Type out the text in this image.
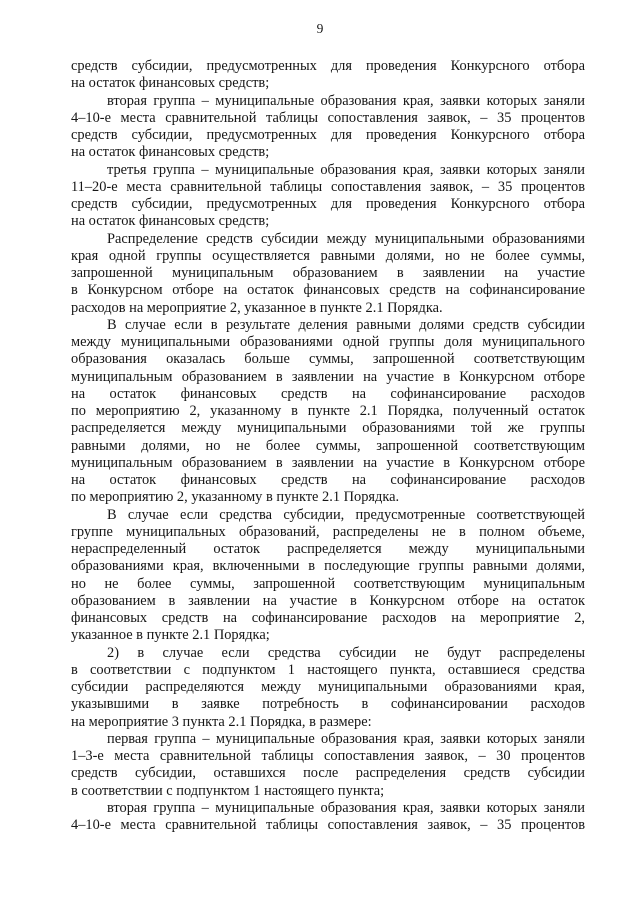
9
средств субсидии, предусмотренных для проведения Конкурсного отбора
на остаток финансовых средств;
вторая группа – муниципальные образования края, заявки которых заняли
4–10-е места сравнительной таблицы сопоставления заявок, – 35 процентов
средств субсидии, предусмотренных для проведения Конкурсного отбора
на остаток финансовых средств;
третья группа – муниципальные образования края, заявки которых заняли
11–20-е места сравнительной таблицы сопоставления заявок, – 35 процентов
средств субсидии, предусмотренных для проведения Конкурсного отбора
на остаток финансовых средств;
Распределение средств субсидии между муниципальными образованиями
края одной группы осуществляется равными долями, но не более суммы,
запрошенной муниципальным образованием в заявлении на участие
в Конкурсном отборе на остаток финансовых средств на софинансирование
расходов на мероприятие 2, указанное в пункте 2.1 Порядка.
В случае если в результате деления равными долями средств субсидии
между муниципальными образованиями одной группы доля муниципального
образования оказалась больше суммы, запрошенной соответствующим
муниципальным образованием в заявлении на участие в Конкурсном отборе
на остаток финансовых средств на софинансирование расходов
по мероприятию 2, указанному в пункте 2.1 Порядка, полученный остаток
распределяется между муниципальными образованиями той же группы
равными долями, но не более суммы, запрошенной соответствующим
муниципальным образованием в заявлении на участие в Конкурсном отборе
на остаток финансовых средств на софинансирование расходов
по мероприятию 2, указанному в пункте 2.1 Порядка.
В случае если средства субсидии, предусмотренные соответствующей
группе муниципальных образований, распределены не в полном объеме,
нераспределенный остаток распределяется между муниципальными
образованиями края, включенными в последующие группы равными долями,
но не более суммы, запрошенной соответствующим муниципальным
образованием в заявлении на участие в Конкурсном отборе на остаток
финансовых средств на софинансирование расходов на мероприятие 2,
указанное в пункте 2.1 Порядка;
2) в случае если средства субсидии не будут распределены
в соответствии с подпунктом 1 настоящего пункта, оставшиеся средства
субсидии распределяются между муниципальными образованиями края,
указывшими в заявке потребность в софинансировании расходов
на мероприятие 3 пункта 2.1 Порядка, в размере:
первая группа – муниципальные образования края, заявки которых заняли
1–3-е места сравнительной таблицы сопоставления заявок, – 30 процентов
средств субсидии, оставшихся после распределения средств субсидии
в соответствии с подпунктом 1 настоящего пункта;
вторая группа – муниципальные образования края, заявки которых заняли
4–10-е места сравнительной таблицы сопоставления заявок, – 35 процентов
